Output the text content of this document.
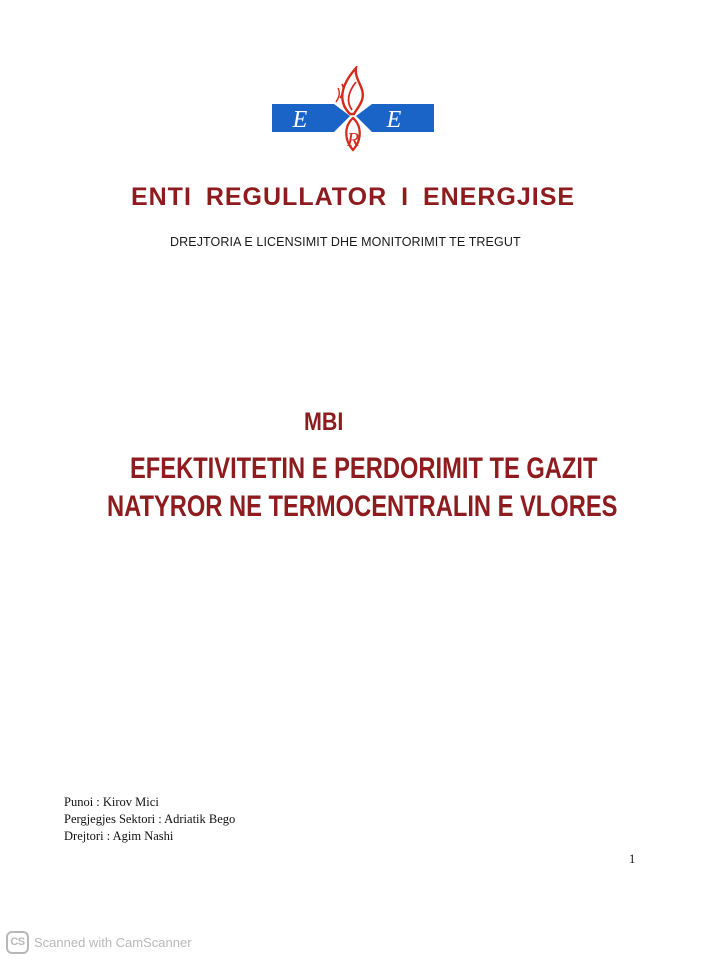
E
R
E
ENTI REGULLATOR I ENERGJISE
DREJTORIA E LICENSIMIT DHE MONITORIMIT TE TREGUT
MBI
EFEKTIVITETIN E PERDORIMIT TE GAZIT
NATYROR NE TERMOCENTRALIN E VLORES
Punoi : Kirov Mici
Pergjegjes Sektori : Adriatik Bego
Drejtori : Agim Nashi
1
CS Scanned with CamScanner
